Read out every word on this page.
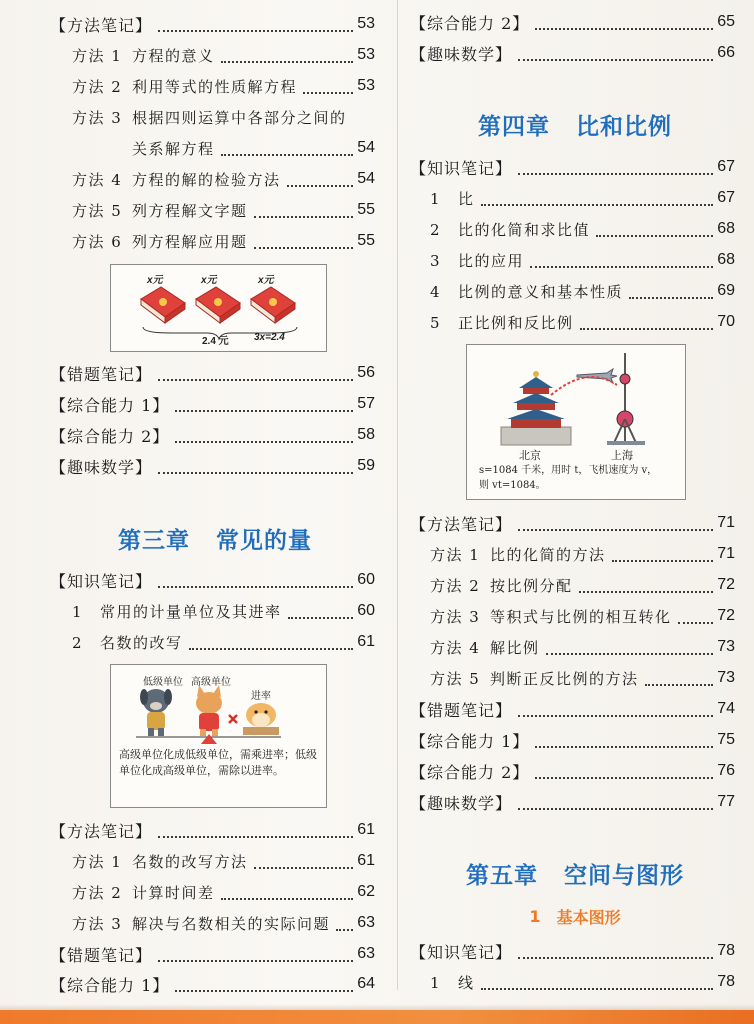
【方法笔记】	53
方法 1 方程的意义	53
方法 2 利用等式的性质解方程	53
方法 3 根据四则运算中各部分之间的
关系解方程	54
方法 4 方程的解的检验方法	54
方法 5 列方程解文字题	55
方法 6 列方程解应用题	55
x元	x元	x元
2.4 元	3x=2.4
【错题笔记】	56
【综合能力 1】	57
【综合能力 2】	58
【趣味数学】	59
第三章 常见的量
【知识笔记】	60
1 常用的计量单位及其进率	60
2 名数的改写	61
低级单位 高级单位
进率
高级单位化成低级单位，需乘进率；低级单位化成高级单位，需除以进率。
【方法笔记】	61
方法 1 名数的改写方法	61
方法 2 计算时间差	62
方法 3 解决与名数相关的实际问题 63
【错题笔记】	63
【综合能力 1】	64
【综合能力 2】	65
【趣味数学】	66
第四章 比和比例
【知识笔记】	67
1 比	67
2 比的化简和求比值	68
3 比的应用	68
4 比例的意义和基本性质	69
5 正比例和反比例	70
北京	上海
s=1084 千米，用时 t，飞机速度为 v，
则 vt=1084。
【方法笔记】	71
方法 1 比的化简的方法	71
方法 2 按比例分配	72
方法 3 等积式与比例的相互转化	72
方法 4 解比例	73
方法 5 判断正反比例的方法	73
【错题笔记】	74
【综合能力 1】	75
【综合能力 2】	76
【趣味数学】	77
第五章 空间与图形
1 基本图形
【知识笔记】	78
1 线	78
